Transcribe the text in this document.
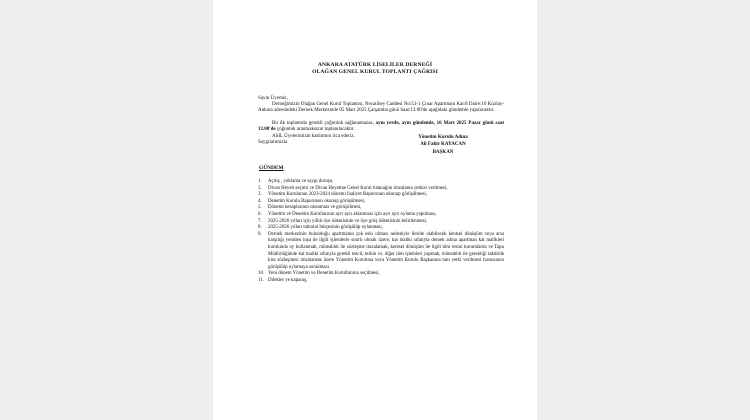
ANKARA ATATÜRK LİSELİLER DERNEĞİ
OLAĞAN GENEL KURUL TOPLANTI ÇAĞRISI
Sayın Üyemiz,
Derneğimizin Olağan Genel Kurul Toplantısı, Necatibey Caddesi No:51-1 Çınar Apartmanı Kat:8 Daire:16 Kızılay-Ankara adresindeki Dernek Merkezinde 05 Mart 2025 Çarşamba günü Saat:13:00'de aşağıdaki gündemle yapılacaktır.
Bu ilk toplantıda gerekli çoğunluk sağlanamazsa, aynı yerde, aynı gündemle, 16 Mart 2025 Pazar günü saat 13.00'de çoğunluk aranmaksızın toplanılacaktır.
ASIL Üyelerimizin katılımını rica ederiz.
Saygılarımızla
Yönetim Kurulu Adına
Ali Fahir KAYACAN
BAŞKAN
GÜNDEM
1. Açılış , yoklama ve saygı duruşu,
2. Divan Heyeti seçimi ve Divan Heyetine Genel Kurul tutanağını imzalama yetkisi verilmesi,
3. Yönetim Kurulunun 2023-2024 dönemi faaliyet Raporunun okunup görüşülmesi,
4. Denetim Kurulu Raporunun okunup görüşülmesi,
5. Dönemi hesaplarının okunması ve görüşülmesi,
6. Yönetim ve Denetim Kurullarının ayrı ayrı aklanması için ayrı ayrı oylama yapılması,
7. 2025-2026 yılları için yıllık üye ödentisinin ve üye giriş ödentisinin belirlenmesi,
8. 2025-2026 yılları tahmini bütçesinin görüşülüp oylanması,
9. Dernek merkezinin bulunduğu apartmanın çok eski olması nedeniyle ileride olabilecek kentsel dönüşüm veya arsa karşılığı yeniden inşa ile ilgili işlemlerle sınırlı olmak üzere, kat maliki sıfatıyla dernek adına apartman kat malikleri kurulunda oy kullanmak, müteahhit ile sözleşme imzalamak, kentsel dönüşüm ile ilgili tüm resmi kurumlarda ve Tapu Müdürlüğünde kat maliki sıfatıyla gerekli tescil, terkin vs. diğer tüm işlemleri yapmak, müteahhit ile gerektiği takdirde kira sözleşmesi imzalamak üzere Yönetim Kuruluna veya Yönetim Kurulu Başkanına tam yetki verilmesi hususunun görüşülüp oylamaya sunulması.
10. Yeni dönem Yönetim ve Denetim Kurullarının seçilmesi,
11. Dilekler ve kapanış,
